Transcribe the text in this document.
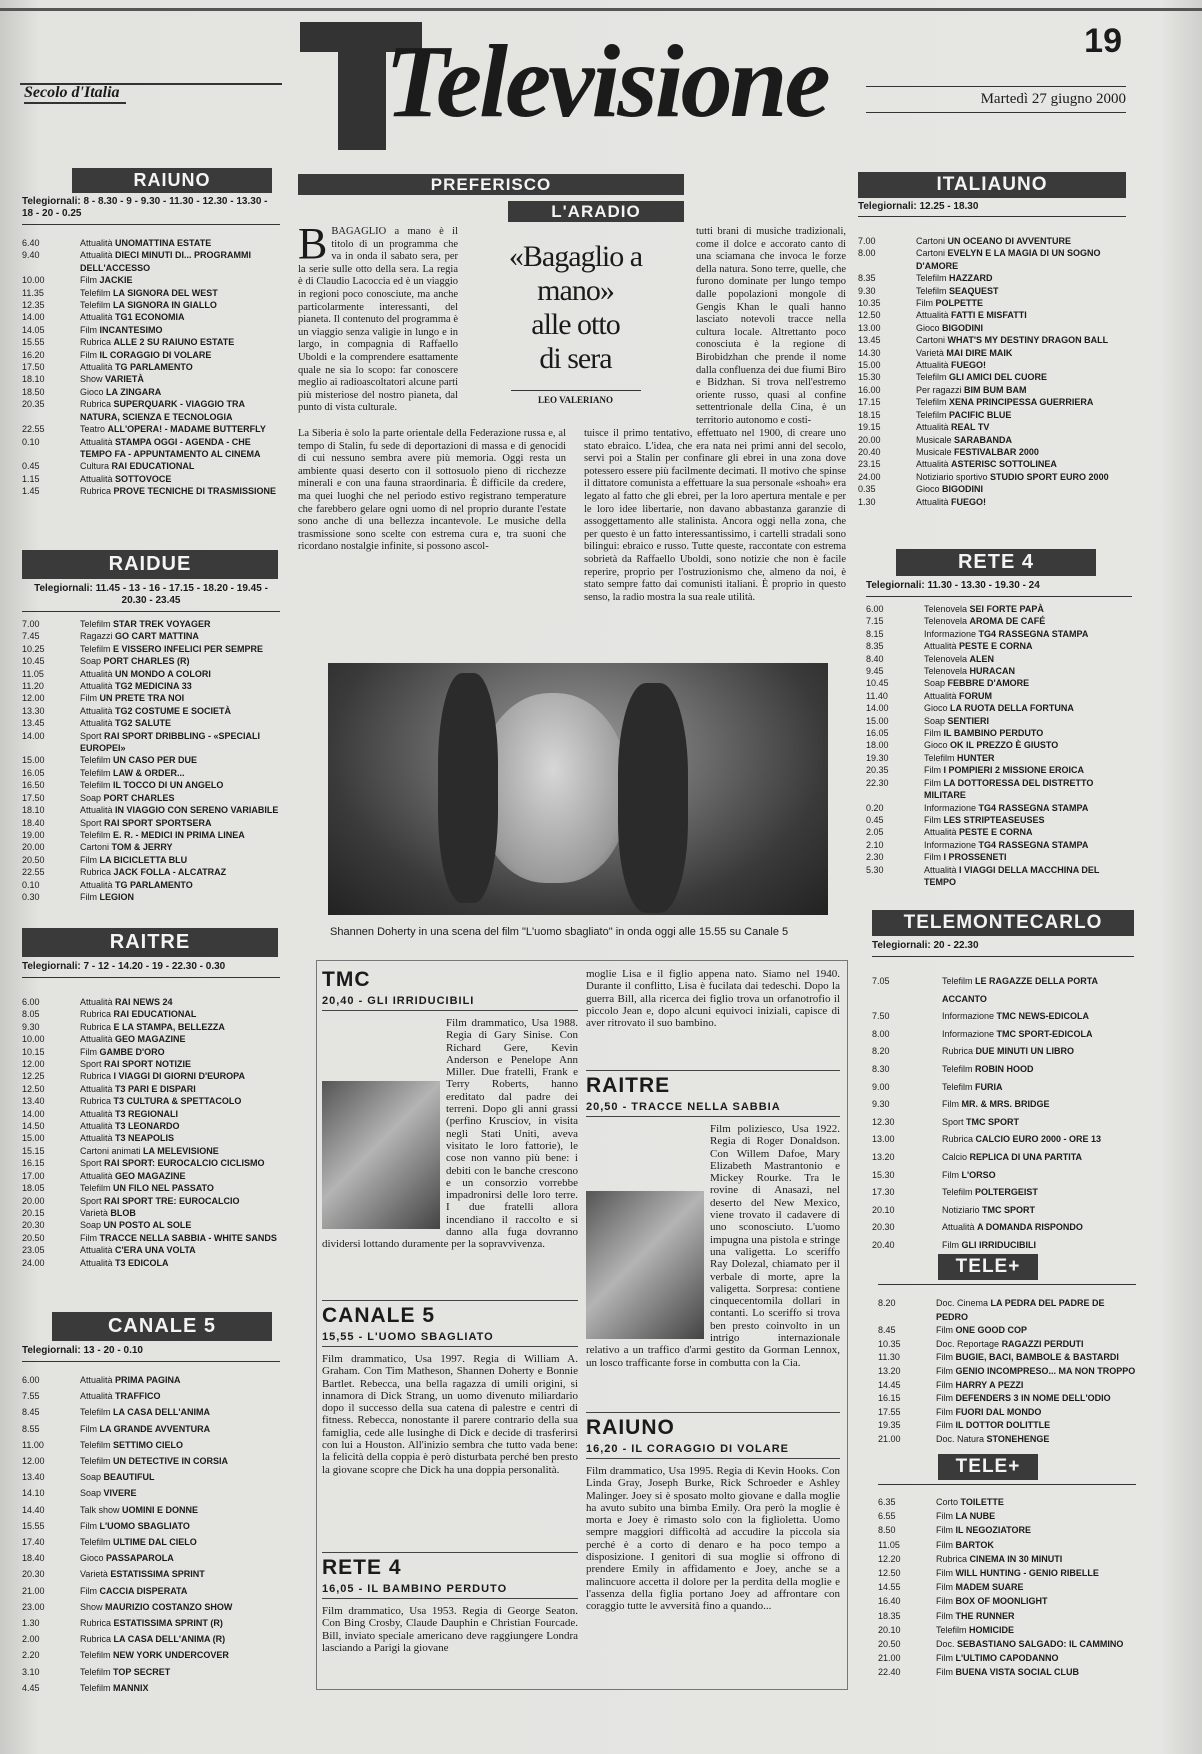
19
Secolo d'Italia	Televisione	Martedì 27 giugno 2000
RAIUNO
Telegiornali: 8 - 8.30 - 9 - 9.30 - 11.30 - 12.30 - 13.30 - 18 - 20 - 0.25
6.40	Attualità UNOMATTINA ESTATE
9.40	Attualità DIECI MINUTI DI... PROGRAMMI DELL'ACCESSO
10.00	Film JACKIE
11.35	Telefilm LA SIGNORA DEL WEST
12.35	Telefilm LA SIGNORA IN GIALLO
14.00	Attualità TG1 ECONOMIA
14.05	Film INCANTESIMO
15.55	Rubrica ALLE 2 SU RAIUNO ESTATE
16.20	Film IL CORAGGIO DI VOLARE
17.50	Attualità TG PARLAMENTO
18.10	Show VARIETÀ
18.50	Gioco LA ZINGARA
20.35	Rubrica SUPERQUARK - VIAGGIO TRA NATURA, SCIENZA E TECNOLOGIA
22.55	Teatro ALL'OPERA! - MADAME BUTTERFLY
0.10	Attualità STAMPA OGGI - AGENDA - CHE TEMPO FA - APPUNTAMENTO AL CINEMA
0.45	Cultura RAI EDUCATIONAL
1.15	Attualità SOTTOVOCE
1.45	Rubrica PROVE TECNICHE DI TRASMISSIONE
RAIDUE
Telegiornali: 11.45 - 13 - 16 - 17.15 - 18.20 - 19.45 - 20.30 - 23.45
7.00	Telefilm STAR TREK VOYAGER
7.45	Ragazzi GO CART MATTINA
10.25	Telefilm E VISSERO INFELICI PER SEMPRE
10.45	Soap PORT CHARLES (R)
11.05	Attualità UN MONDO A COLORI
11.20	Attualità TG2 MEDICINA 33
12.00	Film UN PRETE TRA NOI
13.30	Attualità TG2 COSTUME E SOCIETÀ
13.45	Attualità TG2 SALUTE
14.00	Sport RAI SPORT DRIBBLING - «SPECIALI EUROPEI»
15.00	Telefilm UN CASO PER DUE
16.05	Telefilm LAW & ORDER...
16.50	Telefilm IL TOCCO DI UN ANGELO
17.50	Soap PORT CHARLES
18.10	Attualità IN VIAGGIO CON SERENO VARIABILE
18.40	Sport RAI SPORT SPORTSERA
19.00	Telefilm E. R. - MEDICI IN PRIMA LINEA
20.00	Cartoni TOM & JERRY
20.50	Film LA BICICLETTA BLU
22.55	Rubrica JACK FOLLA - ALCATRAZ
0.10	Attualità TG PARLAMENTO
0.30	Film LEGION
RAITRE
Telegiornali: 7 - 12 - 14.20 - 19 - 22.30 - 0.30
6.00	Attualità RAI NEWS 24
8.05	Rubrica RAI EDUCATIONAL
9.30	Rubrica E LA STAMPA, BELLEZZA
10.00	Attualità GEO MAGAZINE
10.15	Film GAMBE D'ORO
12.00	Sport RAI SPORT NOTIZIE
12.25	Rubrica I VIAGGI DI GIORNI D'EUROPA
12.50	Attualità T3 PARI E DISPARI
13.40	Rubrica T3 CULTURA & SPETTACOLO
14.00	Attualità T3 REGIONALI
14.50	Attualità T3 LEONARDO
15.00	Attualità T3 NEAPOLIS
15.15	Cartoni animati LA MELEVISIONE
16.15	Sport RAI SPORT: EUROCALCIO CICLISMO
17.00	Attualità GEO MAGAZINE
18.05	Telefilm UN FILO NEL PASSATO
20.00	Sport RAI SPORT TRE: EUROCALCIO
20.15	Varietà BLOB
20.30	Soap UN POSTO AL SOLE
20.50	Film TRACCE NELLA SABBIA - WHITE SANDS
23.05	Attualità C'ERA UNA VOLTA
24.00	Attualità T3 EDICOLA
CANALE 5
Telegiornali: 13 - 20 - 0.10
6.00	Attualità PRIMA PAGINA
7.55	Attualità TRAFFICO
8.45	Telefilm LA CASA DELL'ANIMA
8.55	Film LA GRANDE AVVENTURA
11.00	Telefilm SETTIMO CIELO
12.00	Telefilm UN DETECTIVE IN CORSIA
13.40	Soap BEAUTIFUL
14.10	Soap VIVERE
14.40	Talk show UOMINI E DONNE
15.55	Film L'UOMO SBAGLIATO
17.40	Telefilm ULTIME DAL CIELO
18.40	Gioco PASSAPAROLA
20.30	Varietà ESTATISSIMA SPRINT
21.00	Film CACCIA DISPERATA
23.00	Show MAURIZIO COSTANZO SHOW
1.30	Rubrica ESTATISSIMA SPRINT (R)
2.00	Rubrica LA CASA DELL'ANIMA (R)
2.20	Telefilm NEW YORK UNDERCOVER
3.10	Telefilm TOP SECRET
4.45	Telefilm MANNIX
PREFERISCO
L'ARADIO
BBAGAGLIO a mano è il titolo di un programma che va in onda il sabato sera, per la serie sulle otto della sera. La regia è di Claudio Lacoccia ed è un viaggio in regioni poco conosciute, ma anche particolarmente interessanti, del pianeta. Il contenuto del programma è un viaggio senza valigie in lungo e in largo, in compagnia di Raffaello Uboldi e la comprendere esattamente quale ne sia lo scopo: far conoscere meglio ai radioascoltatori alcune parti più misteriose del nostro pianeta, dal punto di vista culturale.
«Bagaglio a mano»
alle otto
di sera
LEO VALERIANO
tutti brani di musiche tradizionali, come il dolce e accorato canto di una sciamana che invoca le forze della natura. Sono terre, quelle, che furono dominate per lungo tempo dalle popolazioni mongole di Gengis Khan le quali hanno lasciato notevoli tracce nella cultura locale. Altrettanto poco conosciuta è la regione di Birobidzhan che prende il nome dalla confluenza dei due fiumi Biro e Bidzhan. Si trova nell'estremo oriente russo, quasi al confine settentrionale della Cina, è un territorio autonomo e costi-
La Siberia è solo la parte orientale della Federazione russa e, al tempo di Stalin, fu sede di deportazioni di massa e di genocidi di cui nessuno sembra avere più memoria. Oggi resta un ambiente quasi deserto con il sottosuolo pieno di ricchezze minerali e con una fauna straordinaria. È difficile da credere, ma quei luoghi che nel periodo estivo registrano temperature che farebbero gelare ogni uomo di nel proprio durante l'estate sono anche di una bellezza incantevole. Le musiche della trasmissione sono scelte con estrema cura e, tra suoni che ricordano nostalgie infinite, si possono ascol-
tuisce il primo tentativo, effettuato nel 1900, di creare uno stato ebraico. L'idea, che era nata nei primi anni del secolo, servì poi a Stalin per confinare gli ebrei in una zona dove potessero essere più facilmente decimati. Il motivo che spinse il dittatore comunista a effettuare la sua personale «shoah» era legato al fatto che gli ebrei, per la loro apertura mentale e per le loro idee libertarie, non davano abbastanza garanzie di assoggettamento alle stalinista. Ancora oggi nella zona, che per questo è un fatto interessantissimo, i cartelli stradali sono bilingui: ebraico e russo. Tutte queste, raccontate con estrema sobrietà da Raffaello Uboldi, sono notizie che non è facile reperire, proprio per l'ostruzionismo che, almeno da noi, è stato sempre fatto dai comunisti italiani. È proprio in questo senso, la radio mostra la sua reale utilità.
Shannen Doherty in una scena del film "L'uomo sbagliato" in onda oggi alle 15.55 su Canale 5
TMC
20,40 - GLI IRRIDUCIBILI

Film drammatico, Usa 1988. Regia di Gary Sinise. Con Richard Gere, Kevin Anderson e Penelope Ann Miller. Due fratelli, Frank e Terry Roberts, hanno ereditato dal padre dei terreni. Dopo gli anni grassi (perfino Krusciov, in visita negli Stati Uniti, aveva visitato le loro fattorie), le cose non vanno più bene: i debiti con le banche crescono e un consorzio vorrebbe impadronirsi delle loro terre. I due fratelli allora incendiano il raccolto e si danno alla fuga dovranno dividersi lottando duramente per la sopravvivenza.

moglie Lisa e il figlio appena nato. Siamo nel 1940. Durante il conflitto, Lisa è fucilata dai tedeschi. Dopo la guerra Bill, alla ricerca dei figlio trova un orfanotrofio il piccolo Jean e, dopo alcuni equivoci iniziali, capisce di aver ritrovato il suo bambino.

RAITRE
20,50 - TRACCE NELLA SABBIA

Film poliziesco, Usa 1922. Regia di Roger Donaldson. Con Willem Dafoe, Mary Elizabeth Mastrantonio e Mickey Rourke. Tra le rovine di Anasazi, nel deserto del New Mexico, viene trovato il cadavere di uno sconosciuto. L'uomo impugna una pistola e stringe una valigetta. Lo sceriffo Ray Dolezal, chiamato per il verbale di morte, apre la valigetta. Sorpresa: contiene cinquecentomila dollari in contanti. Lo sceriffo si trova ben presto coinvolto in un intrigo internazionale relativo a un traffico d'armi gestito da Gorman Lennox, un losco trafficante forse in combutta con la Cia.

CANALE 5
15,55 - L'UOMO SBAGLIATO

Film drammatico, Usa 1997. Regia di William A. Graham. Con Tim Matheson, Shannen Doherty e Bonnie Bartlet. Rebecca, una bella ragazza di umili origini, si innamora di Dick Strang, un uomo divenuto miliardario dopo il successo della sua catena di palestre e centri di fitness. Rebecca, nonostante il parere contrario della sua famiglia, cede alle lusinghe di Dick e decide di trasferirsi con lui a Houston. All'inizio sembra che tutto vada bene: la felicità della coppia è però disturbata perché ben presto la giovane scopre che Dick ha una doppia personalità.

RAIUNO
16,20 - IL CORAGGIO DI VOLARE

Film drammatico, Usa 1995. Regia di Kevin Hooks. Con Linda Gray, Joseph Burke, Rick Schroeder e Ashley Malinger. Joey si è sposato molto giovane e dalla moglie ha avuto subito una bimba Emily. Ora però la moglie è morta e Joey è rimasto solo con la figlioletta. Uomo sempre maggiori difficoltà ad accudire la piccola sia perché è a corto di denaro e ha poco tempo a disposizione. I genitori di sua moglie si offrono di prendere Emily in affidamento e Joey, anche se a malincuore accetta il dolore per la perdita della moglie e l'assenza della figlia portano Joey ad affrontare con coraggio tutte le avversità fino a quando...

RETE 4
16,05 - IL BAMBINO PERDUTO

Film drammatico, Usa 1953. Regia di George Seaton. Con Bing Crosby, Claude Dauphin e Christian Fourcade. Bill, inviato speciale americano deve raggiungere Londra lasciando a Parigi la giovane

ITALIAUNO
Telegiornali: 12.25 - 18.30
7.00	Cartoni UN OCEANO DI AVVENTURE
8.00	Cartoni EVELYN E LA MAGIA DI UN SOGNO D'AMORE
8.35	Telefilm HAZZARD
9.30	Telefilm SEAQUEST
10.35	Film POLPETTE
12.50	Attualità FATTI E MISFATTI
13.00	Gioco BIGODINI
13.45	Cartoni WHAT'S MY DESTINY DRAGON BALL
14.30	Varietà MAI DIRE MAIK
15.00	Attualità FUEGO!
15.30	Telefilm GLI AMICI DEL CUORE
16.00	Per ragazzi BIM BUM BAM
17.15	Telefilm XENA PRINCIPESSA GUERRIERA
18.15	Telefilm PACIFIC BLUE
19.15	Attualità REAL TV
20.00	Musicale SARABANDA
20.40	Musicale FESTIVALBAR 2000
23.15	Attualità ASTERISC SOTTOLINEA
24.00	Notiziario sportivo STUDIO SPORT EURO 2000
0.35	Gioco BIGODINI
1.30	Attualità FUEGO!
RETE 4
Telegiornali: 11.30 - 13.30 - 19.30 - 24
6.00	Telenovela SEI FORTE PAPÀ
7.15	Telenovela AROMA DE CAFÉ
8.15	Informazione TG4 RASSEGNA STAMPA
8.35	Attualità PESTE E CORNA
8.40	Telenovela ALEN
9.45	Telenovela HURACAN
10.45	Soap FEBBRE D'AMORE
11.40	Attualità FORUM
14.00	Gioco LA RUOTA DELLA FORTUNA
15.00	Soap SENTIERI
16.05	Film IL BAMBINO PERDUTO
18.00	Gioco OK IL PREZZO È GIUSTO
19.30	Telefilm HUNTER
20.35	Film I POMPIERI 2 MISSIONE EROICA
22.30	Film LA DOTTORESSA DEL DISTRETTO MILITARE
0.20	Informazione TG4 RASSEGNA STAMPA
0.45	Film LES STRIPTEASEUSES
2.05	Attualità PESTE E CORNA
2.10	Informazione TG4 RASSEGNA STAMPA
2.30	Film I PROSSENETI
5.30	Attualità I VIAGGI DELLA MACCHINA DEL TEMPO
TELEMONTECARLO
Telegiornali: 20 - 22.30
7.05	Telefilm LE RAGAZZE DELLA PORTA ACCANTO
7.50	Informazione TMC NEWS-EDICOLA
8.00	Informazione TMC SPORT-EDICOLA
8.20	Rubrica DUE MINUTI UN LIBRO
8.30	Telefilm ROBIN HOOD
9.00	Telefilm FURIA
9.30	Film MR. & MRS. BRIDGE
12.30	Sport TMC SPORT
13.00	Rubrica CALCIO EURO 2000 - ORE 13
13.20	Calcio REPLICA DI UNA PARTITA
15.30	Film L'ORSO
17.30	Telefilm POLTERGEIST
20.10	Notiziario TMC SPORT
20.30	Attualità A DOMANDA RISPONDO
20.40	Film GLI IRRIDUCIBILI
TELE+
8.20	Doc. Cinema LA PEDRA DEL PADRE DE PEDRO
8.45	Film ONE GOOD COP
10.35	Doc. Reportage RAGAZZI PERDUTI
11.30	Film BUGIE, BACI, BAMBOLE & BASTARDI
13.20	Film GENIO INCOMPRESO... MA NON TROPPO
14.45	Film HARRY A PEZZI
16.15	Film DEFENDERS 3 IN NOME DELL'ODIO
17.55	Film FUORI DAL MONDO
19.35	Film IL DOTTOR DOLITTLE
21.00	Doc. Natura STONEHENGE
TELE+
6.35	Corto TOILETTE
6.55	Film LA NUBE
8.50	Film IL NEGOZIATORE
11.05	Film BARTOK
12.20	Rubrica CINEMA IN 30 MINUTI
12.50	Film WILL HUNTING - GENIO RIBELLE
14.55	Film MADEM SUARE
16.40	Film BOX OF MOONLIGHT
18.35	Film THE RUNNER
20.10	Telefilm HOMICIDE
20.50	Doc. SEBASTIANO SALGADO: IL CAMMINO
21.00	Film L'ULTIMO CAPODANNO
22.40	Film BUENA VISTA SOCIAL CLUB
